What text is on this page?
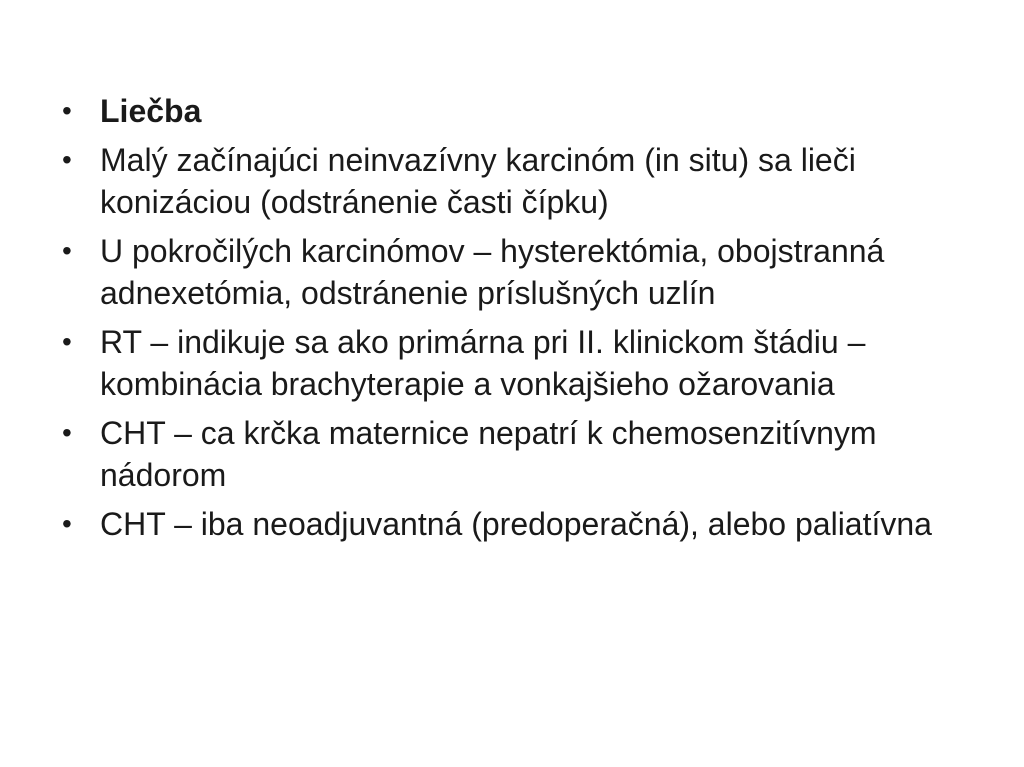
• Liečba
• Malý začínajúci neinvazívny karcinóm (in situ) sa lieči konizáciou (odstránenie časti čípku)
• U pokročilých karcinómov – hysterektómia, obojstranná adnexetómia, odstránenie príslušných uzlín
• RT – indikuje sa ako primárna pri II. klinickom štádiu – kombinácia brachyterapie a vonkajšieho ožarovania
• CHT – ca krčka maternice nepatrí k chemosenzitívnym nádorom
• CHT – iba neoadjuvantná (predoperačná), alebo paliatívna
